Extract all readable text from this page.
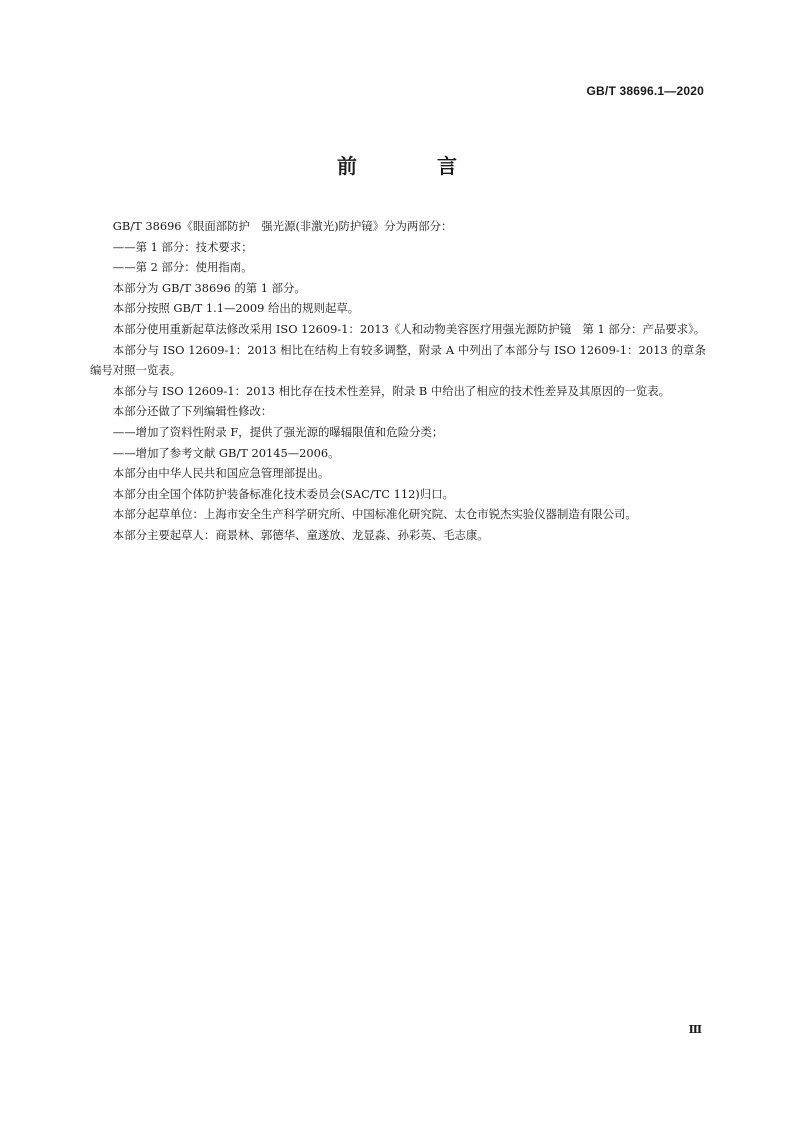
GB/T 38696.1—2020
前　言

GB/T 38696《眼面部防护　强光源(非激光)防护镜》分为两部分：

——第 1 部分：技术要求；

——第 2 部分：使用指南。

本部分为 GB/T 38696 的第 1 部分。

本部分按照 GB/T 1.1—2009 给出的规则起草。

本部分使用重新起草法修改采用 ISO 12609-1：2013《人和动物美容医疗用强光源防护镜　第 1 部分：产品要求》。

本部分与 ISO 12609-1：2013 相比在结构上有较多调整，附录 A 中列出了本部分与 ISO 12609-1：2013 的章条编号对照一览表。

本部分与 ISO 12609-1：2013 相比存在技术性差异，附录 B 中给出了相应的技术性差异及其原因的一览表。

本部分还做了下列编辑性修改：

——增加了资料性附录 F，提供了强光源的曝辐限值和危险分类；

——增加了参考文献 GB/T 20145—2006。

本部分由中华人民共和国应急管理部提出。

本部分由全国个体防护装备标准化技术委员会(SAC/TC 112)归口。

本部分起草单位：上海市安全生产科学研究所、中国标准化研究院、太仓市锐杰实验仪器制造有限公司。

本部分主要起草人：商景林、郭德华、童遂放、龙显淼、孙彩英、毛志康。

Ⅲ
